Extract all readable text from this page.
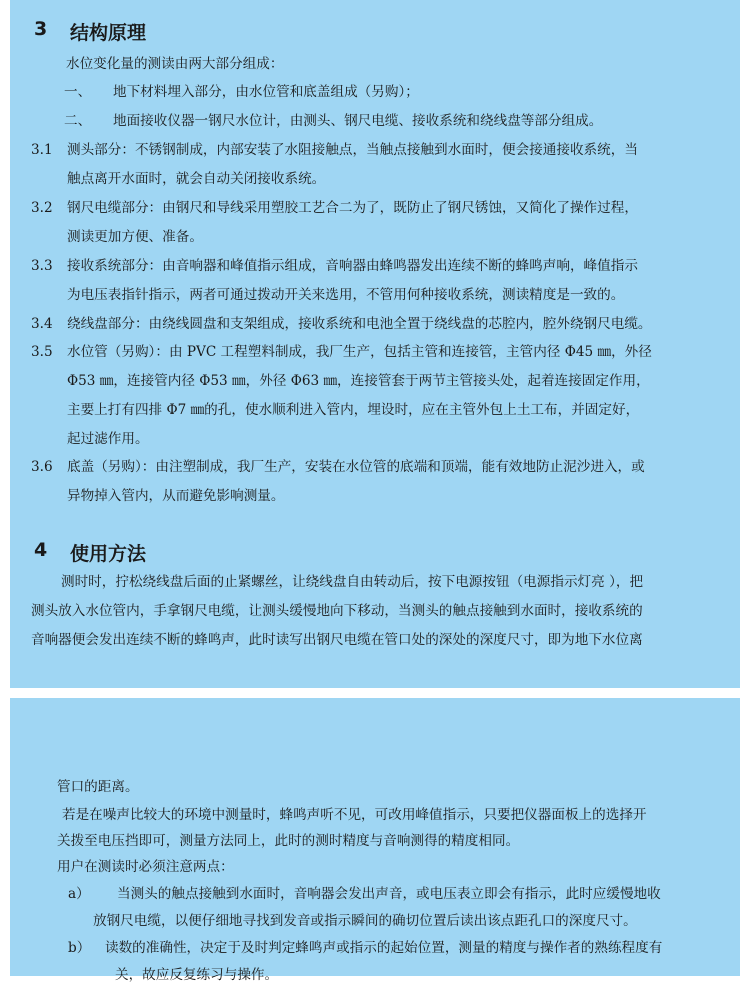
3 结构原理
水位变化量的测读由两大部分组成：
一、 地下材料埋入部分，由水位管和底盖组成（另购）；
二、 地面接收仪器一钢尺水位计，由测头、钢尺电缆、接收系统和绕线盘等部分组成。
3.1 测头部分：不锈钢制成，内部安装了水阻接触点，当触点接触到水面时，便会接通接收系统，当
触点离开水面时，就会自动关闭接收系统。
3.2 钢尺电缆部分：由钢尺和导线采用塑胶工艺合二为了，既防止了钢尺锈蚀，又简化了操作过程，
测读更加方便、准备。
3.3 接收系统部分：由音响器和峰值指示组成，音响器由蜂鸣器发出连续不断的蜂鸣声响，峰值指示
为电压表指针指示，两者可通过拨动开关来选用，不管用何种接收系统，测读精度是一致的。
3.4 绕线盘部分：由绕线圆盘和支架组成，接收系统和电池全置于绕线盘的芯腔内，腔外绕钢尺电缆。
3.5 水位管（另购）：由 PVC 工程塑料制成，我厂生产，包括主管和连接管，主管内径 Φ45 ㎜，外径
Φ53 ㎜，连接管内径 Φ53 ㎜，外径 Φ63 ㎜，连接管套于两节主管接头处，起着连接固定作用，
主要上打有四排 Φ7 ㎜的孔，使水顺利进入管内，埋设时，应在主管外包上土工布，并固定好，
起过滤作用。
3.6 底盖（另购）：由注塑制成，我厂生产，安装在水位管的底端和顶端，能有效地防止泥沙进入，或
异物掉入管内，从而避免影响测量。
4 使用方法
测时时，拧松绕线盘后面的止紧螺丝，让绕线盘自由转动后，按下电源按钮（电源指示灯亮 ），把
测头放入水位管内，手拿钢尺电缆，让测头缓慢地向下移动，当测头的触点接触到水面时，接收系统的
音响器便会发出连续不断的蜂鸣声，此时读写出钢尺电缆在管口处的深处的深度尺寸，即为地下水位离
管口的距离。
若是在噪声比较大的环境中测量时，蜂鸣声听不见，可改用峰值指示，只要把仪器面板上的选择开
关拨至电压挡即可，测量方法同上，此时的测时精度与音响测得的精度相同。
用户在测读时必须注意两点：
a） 当测头的触点接触到水面时，音响器会发出声音，或电压表立即会有指示，此时应缓慢地收
放钢尺电缆，以便仔细地寻找到发音或指示瞬间的确切位置后读出该点距孔口的深度尺寸。
b） 读数的准确性，决定于及时判定蜂鸣声或指示的起始位置，测量的精度与操作者的熟练程度有
关，故应反复练习与操作。
